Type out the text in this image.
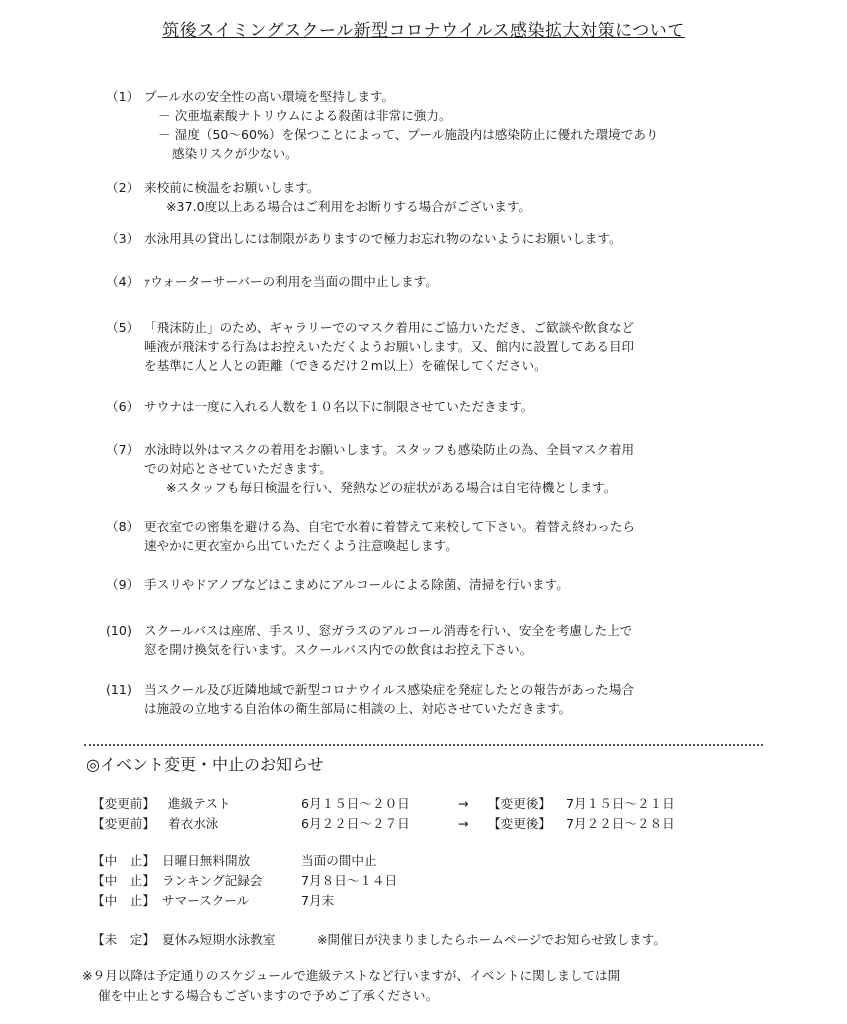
筑後スイミングスクール新型コロナウイルス感染拡大対策について
（1） プール水の安全性の高い環境を堅持します。
－ 次亜塩素酸ナトリウムによる殺菌は非常に強力。
－ 湿度（50～60%）を保つことによって、プール施設内は感染防止に優れた環境であり
感染リスクが少ない。
（2） 来校前に検温をお願いします。
※37.0度以上ある場合はご利用をお断りする場合がございます。
（3） 水泳用具の貸出しには制限がありますので極力お忘れ物のないようにお願いします。
（4） ｧウォーターサーバーの利用を当面の間中止します。
（5） 「飛沫防止」のため、ギャラリーでのマスク着用にご協力いただき、ご歓談や飲食など
唾液が飛沫する行為はお控えいただくようお願いします。又、館内に設置してある目印
を基準に人と人との距離（できるだけ２m以上）を確保してください。
（6） サウナは一度に入れる人数を１０名以下に制限させていただきます。
（7） 水泳時以外はマスクの着用をお願いします。スタッフも感染防止の為、全員マスク着用
での対応とさせていただきます。
※スタッフも毎日検温を行い、発熱などの症状がある場合は自宅待機とします。
（8） 更衣室での密集を避ける為、自宅で水着に着替えて来校して下さい。着替え終わったら
速やかに更衣室から出ていただくよう注意喚起します。
（9） 手スリやドアノブなどはこまめにアルコールによる除菌、清掃を行います。
(10) スクールバスは座席、手スリ、窓ガラスのアルコール消毒を行い、安全を考慮した上で
窓を開け換気を行います。スクールバス内での飲食はお控え下さい。
(11) 当スクール及び近隣地域で新型コロナウイルス感染症を発症したとの報告があった場合
は施設の立地する自治体の衛生部局に相談の上、対応させていただきます。
◎イベント変更・中止のお知らせ
【変更前】 進級テスト	6月１５日～２０日	→ 【変更後】 7月１５日～２１日
【変更前】 着衣水泳	6月２２日～２７日	→ 【変更後】 7月２２日～２８日
【中　止】 日曜日無料開放	当面の間中止
【中　止】 ランキング記録会	7月８日～１４日
【中　止】 サマースクール	7月末
【未　定】 夏休み短期水泳教室	※開催日が決まりましたらホームページでお知らせ致します。
※９月以降は予定通りのスケジュールで進級テストなど行いますが、イベントに関しましては開
催を中止とする場合もございますので予めご了承ください。
